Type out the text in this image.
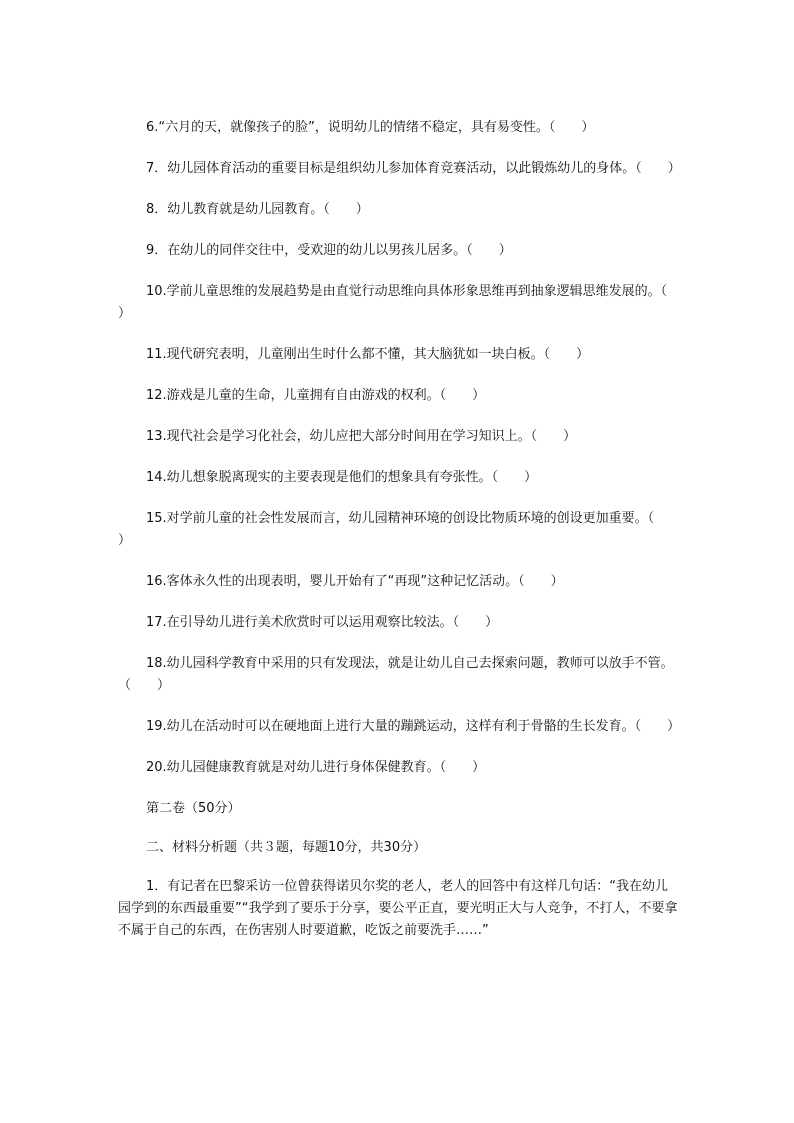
6.“六月的天，就像孩子的脸”，说明幼儿的情绪不稳定，具有易变性。（　　）

7．幼儿园体育活动的重要目标是组织幼儿参加体育竞赛活动，以此锻炼幼儿的身体。（　　）

8．幼儿教育就是幼儿园教育。（　　）

9．在幼儿的同伴交往中，受欢迎的幼儿以男孩儿居多。（　　）

10.学前儿童思维的发展趋势是由直觉行动思维向具体形象思维再到抽象逻辑思维发展的。（　　）

11.现代研究表明，儿童刚出生时什么都不懂，其大脑犹如一块白板。（　　）

12.游戏是儿童的生命，儿童拥有自由游戏的权利。（　　）

13.现代社会是学习化社会，幼儿应把大部分时间用在学习知识上。（　　）

14.幼儿想象脱离现实的主要表现是他们的想象具有夸张性。（　　）

15.对学前儿童的社会性发展而言，幼儿园精神环境的创设比物质环境的创设更加重要。（　　）

16.客体永久性的出现表明，婴儿开始有了“再现”这种记忆活动。（　　）

17.在引导幼儿进行美术欣赏时可以运用观察比较法。（　　）

18.幼儿园科学教育中采用的只有发现法，就是让幼儿自己去探索问题，教师可以放手不管。（　　）

19.幼儿在活动时可以在硬地面上进行大量的蹦跳运动，这样有利于骨骼的生长发育。（　　）

20.幼儿园健康教育就是对幼儿进行身体保健教育。（　　）

第二卷（50分）

二、材料分析题（共３题，每题10分，共30分）

1．有记者在巴黎采访一位曾获得诺贝尔奖的老人，老人的回答中有这样几句话：“我在幼儿园学到的东西最重要”“我学到了要乐于分享，要公平正直，要光明正大与人竞争，不打人，不要拿不属于自己的东西，在伤害别人时要道歉，吃饭之前要洗手……”
